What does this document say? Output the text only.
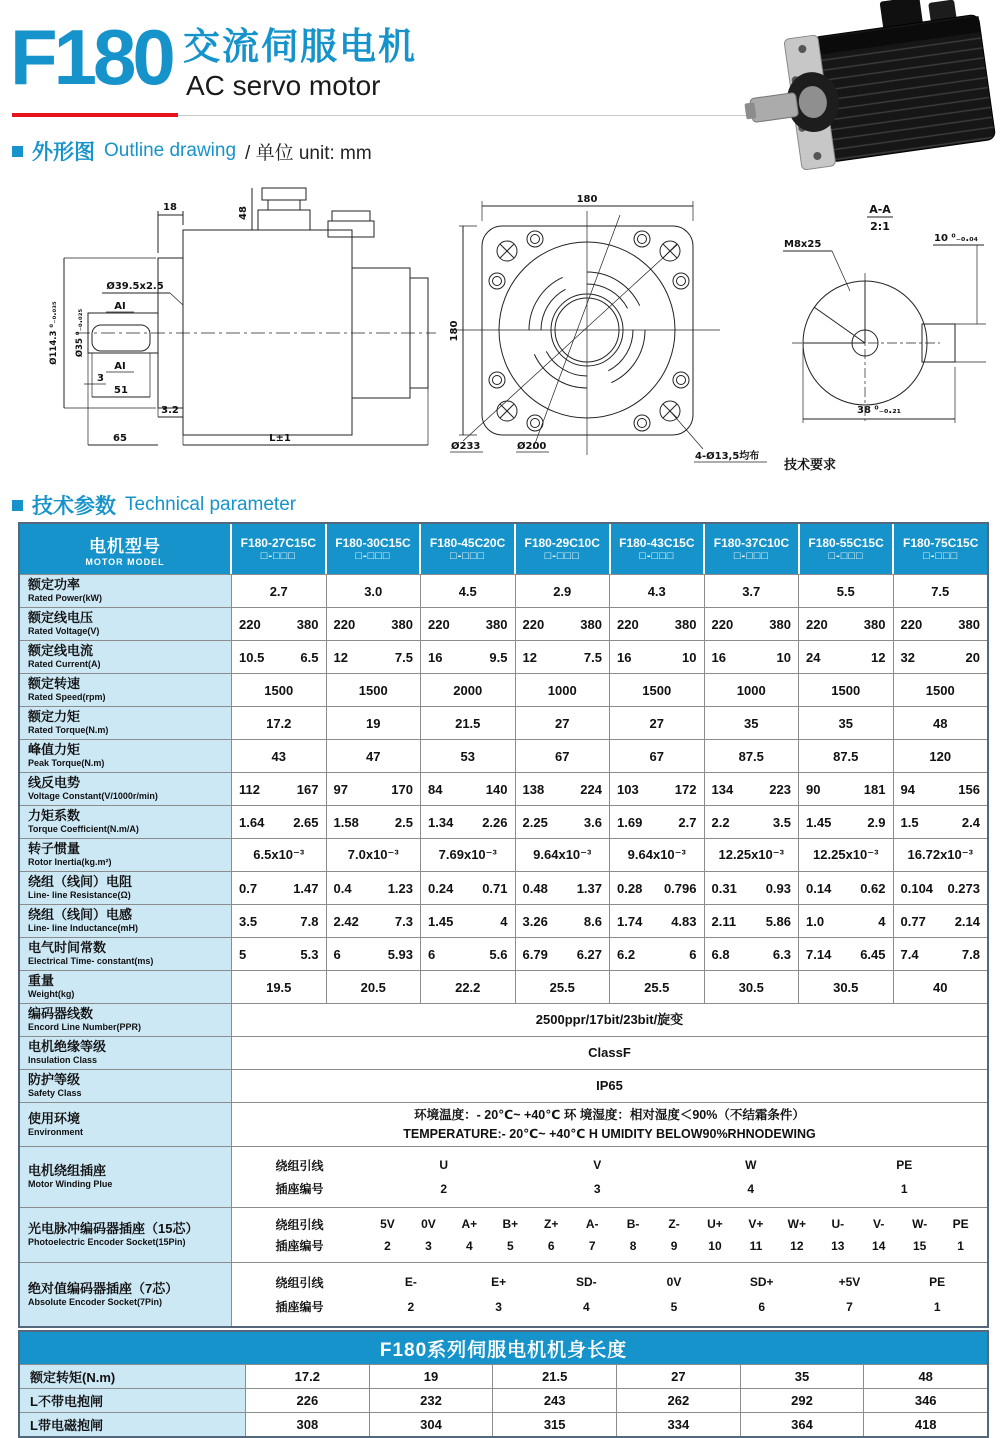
F180 交流伺服电机
AC servo motor
外形图 Outline drawing / 单位 unit: mm
18	48
Ø39.5x2.5
AI
AI
Ø35 ⁰₋₀.₀₂₅
Ø114.3 ⁰₋₀.₀₃₅
3
51
3.2
65	L±1
180
180
Ø233	Ø200
4-Ø13,5均布
A-A
2:1
M8x25
10 ⁰₋₀.₀₄
38 ⁰₋₀.₂₁
技术要求
技术参数 Technical parameter
电机型号
MOTOR MODEL
F180-27C15C
□-□□□
F180-30C15C
□-□□□
F180-45C20C
□-□□□
F180-29C10C
□-□□□
F180-43C15C
□-□□□
F180-37C10C
□-□□□
F180-55C15C
□-□□□
F180-75C15C
□-□□□
额定功率
Rated Power(kW)	2.7	3.0	4.5	2.9	4.3	3.7	5.5	7.5
额定线电压
Rated Voltage(V)	220	380 220	380 220	380 220	380 220	380 220	380 220	380 220	380
额定线电流
Rated Current(A)	10.5	6.5 12	7.5 16	9.5 12	7.5 16	10 16	10 24	12 32	20
额定转速
Rated Speed(rpm)	1500	1500	2000	1000	1500	1000	1500	1500
额定力矩
Rated Torque(N.m)	17.2	19	21.5	27	27	35	35	48
峰值力矩
Peak Torque(N.m)	43	47	53	67	67	87.5	87.5	120
线反电势
Voltage Constant(V/1000r/min)	112	167 97	170 84	140 138	224 103	172 134	223 90	181 94	156
力矩系数
Torque Coefficient(N.m/A)	1.64 2.65 1.58	2.5 1.34 2.26 2.25	3.6 1.69	2.7 2.2	3.5 1.45	2.9 1.5	2.4
转子惯量
Rotor Inertia(kg.m²)
6.5x10⁻³	7.0x10⁻³	7.69x10⁻³	9.64x10⁻³	9.64x10⁻³	12.25x10⁻³	12.25x10⁻³	16.72x10⁻³
绕组（线间）电阻
Line- line Resistance(Ω)	0.7	1.47 0.4	1.23 0.24 0.71 0.48 1.37 0.28 0.796 0.31 0.93 0.14 0.62 0.104 0.273
绕组（线间）电感
Line- line Inductance(mH)	3.5	7.8 2.42	7.3 1.45	4 3.26	8.6 1.74 4.83 2.11 5.86 1.0	4 0.77 2.14
电气时间常数
Electrical Time- constant(ms)	5	5.3 6	5.93 6	5.6 6.79 6.27 6.2	6 6.8	6.3 7.14 6.45 7.4	7.8
重量
Weight(kg)	19.5	20.5	22.2	25.5	25.5	30.5	30.5	40
编码器线数
Encord Line Number(PPR)	2500ppr/17bit/23bit/旋变
电机绝缘等级
Insulation Class	ClassF
防护等级
Safety Class	IP65
使用环境
Environment
环境温度：- 20℃~ +40℃ 环 境湿度：相对湿度＜90%（不结霜条件）
TEMPERATURE:- 20℃~ +40℃ H UMIDITY BELOW90%RHNODEWING
电机绕组插座
Motor Winding Plue
绕组引线	U	V	W	PE
插座编号	2	3	4	1
光电脉冲编码器插座（15芯）
Photoelectric Encoder Socket(15Pin)
绕组引线	5V	0V	A+	B+	Z+	A-	B-	Z-	U+	V+	W+	U-	V-	W-	PE
插座编号	2	3	4	5	6	7	8	9	10	11	12	13	14	15	1
绝对值编码器插座（7芯）
Absolute Encoder Socket(7Pin)
绕组引线	E-	E+	SD-	0V	SD+	+5V	PE
插座编号	2	3	4	5	6	7	1
F180系列伺服电机机身长度
额定转矩(N.m)	17.2	19	21.5	27	35	48
L不带电抱闸	226	232	243	262	292	346
L带电磁抱闸	308	304	315	334	364	418
